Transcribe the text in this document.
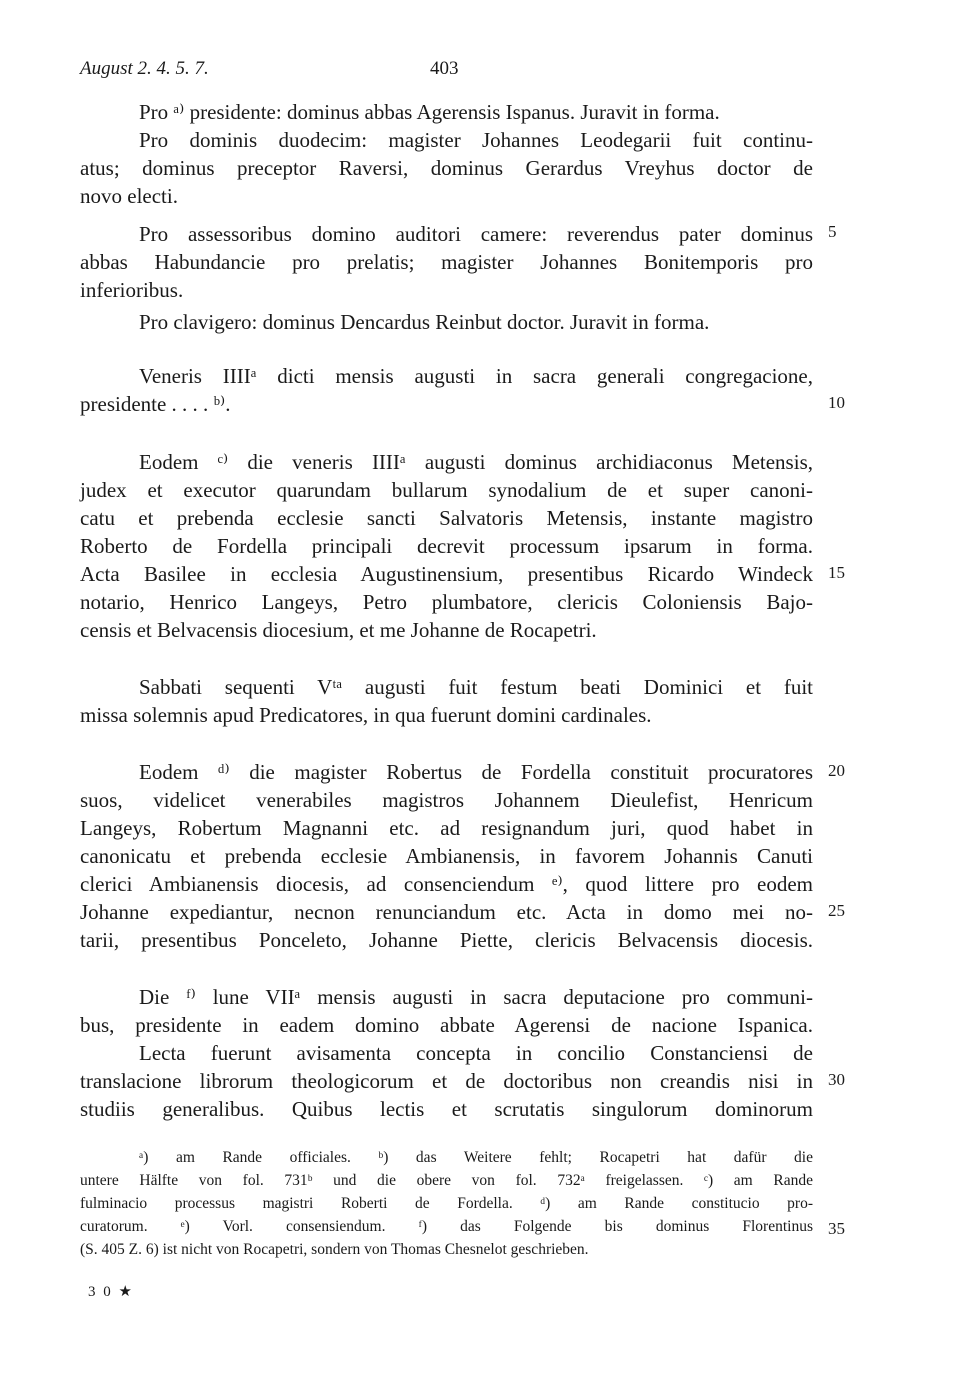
August 2. 4. 5. 7.	403
Pro ᵃ⁾ presidente: dominus abbas Agerensis Ispanus. Juravit in forma.
Pro dominis duodecim: magister Johannes Leodegarii fuit continu-
atus; dominus preceptor Raversi, dominus Gerardus Vreyhus doctor de
novo electi.
Pro assessoribus domino auditori camere: reverendus pater dominus
abbas Habundancie pro prelatis; magister Johannes Bonitemporis pro
inferioribus.
Pro clavigero: dominus Dencardus Reinbut doctor. Juravit in forma.
Veneris IIIIᵃ dicti mensis augusti in sacra generali congregacione,
presidente . . . . ᵇ⁾.
Eodem ᶜ⁾ die veneris IIIIᵃ augusti dominus archidiaconus Metensis,
judex et executor quarundam bullarum synodalium de et super canoni-
catu et prebenda ecclesie sancti Salvatoris Metensis, instante magistro
Roberto de Fordella principali decrevit processum ipsarum in forma.
Acta Basilee in ecclesia Augustinensium, presentibus Ricardo Windeck
notario, Henrico Langeys, Petro plumbatore, clericis Coloniensis Bajo-
censis et Belvacensis diocesium, et me Johanne de Rocapetri.
Sabbati sequenti Vᵗᵃ augusti fuit festum beati Dominici et fuit
missa solemnis apud Predicatores, in qua fuerunt domini cardinales.
Eodem ᵈ⁾ die magister Robertus de Fordella constituit procuratores
suos, videlicet venerabiles magistros Johannem Dieulefist, Henricum
Langeys, Robertum Magnanni etc. ad resignandum juri, quod habet in
canonicatu et prebenda ecclesie Ambianensis, in favorem Johannis Canuti
clerici Ambianensis diocesis, ad consenciendum ᵉ⁾, quod littere pro eodem
Johanne expediantur, necnon renunciandum etc. Acta in domo mei no-
tarii, presentibus Ponceleto, Johanne Piette, clericis Belvacensis diocesis.
Die ᶠ⁾ lune VIIᵃ mensis augusti in sacra deputacione pro communi-
bus, presidente in eadem domino abbate Agerensi de nacione Ispanica.
Lecta fuerunt avisamenta concepta in concilio Constanciensi de
translacione librorum theologicorum et de doctoribus non creandis nisi in
studiis generalibus. Quibus lectis et scrutatis singulorum dominorum
5
10
15
20
25
30
35
ᵃ) am Rande officiales. ᵇ) das Weitere fehlt; Rocapetri hat dafür die
untere Hälfte von fol. 731ᵇ und die obere von fol. 732ᵃ freigelassen. ᶜ) am Rande
fulminacio processus magistri Roberti de Fordella. ᵈ) am Rande constitucio pro-
curatorum. ᵉ) Vorl. consensiendum. ᶠ) das Folgende bis dominus Florentinus
(S. 405 Z. 6) ist nicht von Rocapetri, sondern von Thomas Chesnelot geschrieben.
3 0 ★
